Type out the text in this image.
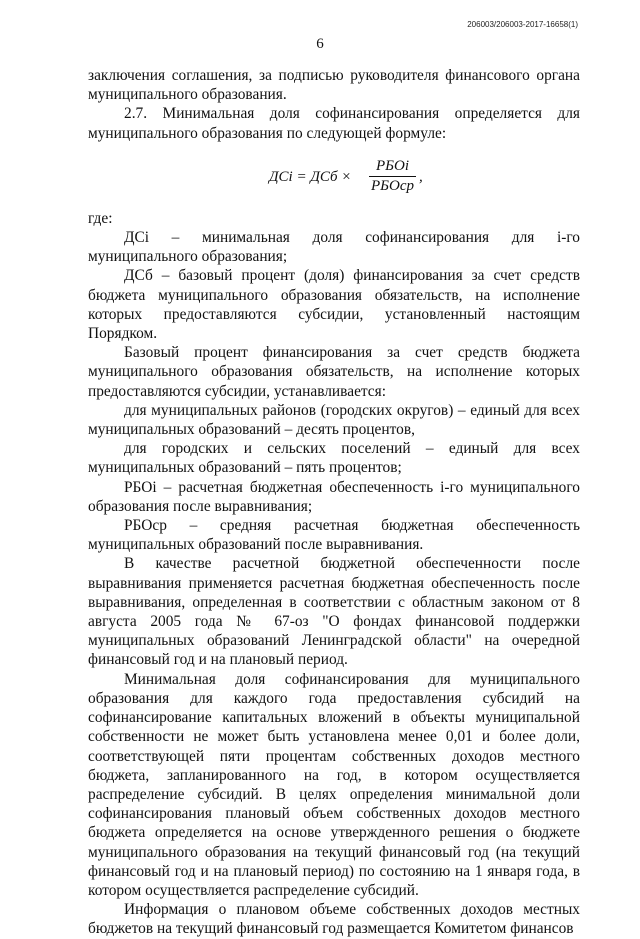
206003/206003-2017-16658(1)
6

заключения соглашения, за подписью руководителя финансового органа муниципального образования.

2.7. Минимальная доля софинансирования определяется для муниципального образования по следующей формуле:

ДСi = ДСб ×
РБОi
РБОср
,

где:

ДСi – минимальная доля софинансирования для i-го муниципального образования;

ДСб – базовый процент (доля) финансирования за счет средств бюджета муниципального образования обязательств, на исполнение которых предоставляются субсидии, установленный настоящим Порядком.

Базовый процент финансирования за счет средств бюджета муниципального образования обязательств, на исполнение которых предоставляются субсидии, устанавливается:

для муниципальных районов (городских округов) – единый для всех муниципальных образований – десять процентов,

для городских и сельских поселений – единый для всех муниципальных образований – пять процентов;

РБОi – расчетная бюджетная обеспеченность i-го муниципального образования после выравнивания;

РБОср – средняя расчетная бюджетная обеспеченность муниципальных образований после выравнивания.

В качестве расчетной бюджетной обеспеченности после выравнивания применяется расчетная бюджетная обеспеченность после выравнивания, определенная в соответствии с областным законом от 8 августа 2005 года № 67-оз "О фондах финансовой поддержки муниципальных образований Ленинградской области" на очередной финансовый год и на плановый период.

Минимальная доля софинансирования для муниципального образования для каждого года предоставления субсидий на софинансирование капитальных вложений в объекты муниципальной собственности не может быть установлена менее 0,01 и более доли, соответствующей пяти процентам собственных доходов местного бюджета, запланированного на год, в котором осуществляется распределение субсидий. В целях определения минимальной доли софинансирования плановый объем собственных доходов местного бюджета определяется на основе утвержденного решения о бюджете муниципального образования на текущий финансовый год (на текущий финансовый год и на плановый период) по состоянию на 1 января года, в котором осуществляется распределение субсидий.

Информация о плановом объеме собственных доходов местных бюджетов на текущий финансовый год размещается Комитетом финансов
